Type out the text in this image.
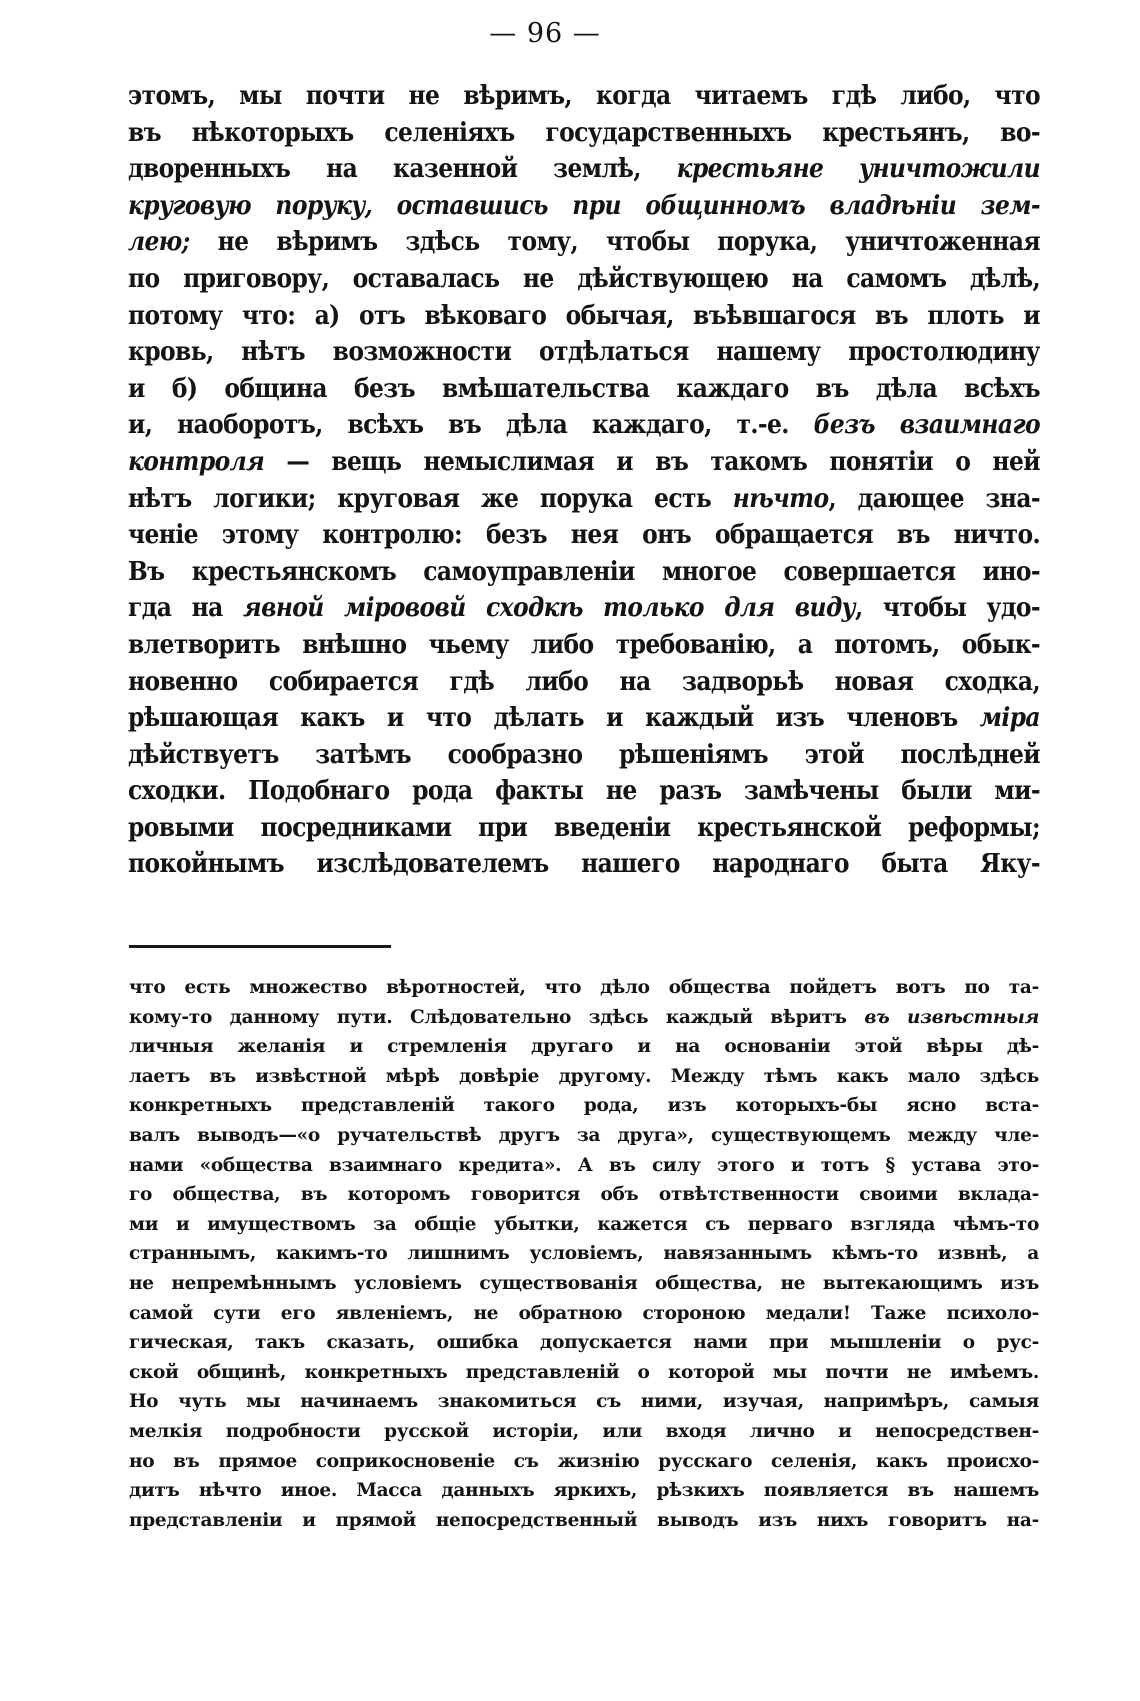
— 96 —
этомъ, мы почти не вѣримъ, когда читаемъ гдѣ либо, что
въ нѣкоторыхъ селеніяхъ государственныхъ крестьянъ, во-
дворенныхъ на казенной землѣ, крестьяне уничтожили
круговую поруку, оставшись при общинномъ владѣніи зем-
лею; не вѣримъ здѣсь тому, чтобы порука, уничтоженная
по приговору, оставалась не дѣйствующею на самомъ дѣлѣ,
потому что: а) отъ вѣковаго обычая, въѣвшагося въ плоть и
кровь, нѣтъ возможности отдѣлаться нашему простолюдину
и б) община безъ вмѣшательства каждаго въ дѣла всѣхъ
и, наоборотъ, всѣхъ въ дѣла каждаго, т.-е. безъ взаимнаго
контроля — вещь немыслимая и въ такомъ понятіи о ней
нѣтъ логики; круговая же порука есть нѣчто, дающее зна-
ченіе этому контролю: безъ нея онъ обращается въ ничто.
Въ крестьянскомъ самоуправленіи многое совершается ино-
гда на явной мірововй сходкѣ только для виду, чтобы удо-
влетворить внѣшно чьему либо требованію, а потомъ, обык-
новенно собирается гдѣ либо на задворьѣ новая сходка,
рѣшающая какъ и что дѣлать и каждый изъ членовъ міра
дѣйствуетъ затѣмъ сообразно рѣшеніямъ этой послѣдней
сходки. Подобнаго рода факты не разъ замѣчены были ми-
ровыми посредниками при введеніи крестьянской реформы;
покойнымъ изслѣдователемъ нашего народнаго быта Яку-
что есть множество вѣротностей, что дѣло общества пойдетъ вотъ по та-
кому-то данному пути. Слѣдовательно здѣсь каждый вѣритъ въ извѣстныя
личныя желанія и стремленія другаго и на основаніи этой вѣры дѣ-
лаетъ въ извѣстной мѣрѣ довѣріе другому. Между тѣмъ какъ мало здѣсь
конкретныхъ представленій такого рода, изъ которыхъ-бы ясно вста-
валъ выводъ—«о ручательствѣ другъ за друга», существующемъ между чле-
нами «общества взаимнаго кредита». А въ силу этого и тотъ § устава это-
го общества, въ которомъ говорится объ отвѣтственности своими вклада-
ми и имуществомъ за общіе убытки, кажется съ перваго взгляда чѣмъ-то
страннымъ, какимъ-то лишнимъ условіемъ, навязаннымъ кѣмъ-то извнѣ, а
не непремѣннымъ условіемъ существованія общества, не вытекающимъ изъ
самой сути его явленіемъ, не обратною стороною медали! Таже психоло-
гическая, такъ сказать, ошибка допускается нами при мышленіи о рус-
ской общинѣ, конкретныхъ представленій о которой мы почти не имѣемъ.
Но чуть мы начинаемъ знакомиться съ ними, изучая, напримѣръ, самыя
мелкія подробности русской исторіи, или входя лично и непосредствен-
но въ прямое соприкосновеніе съ жизнію русскаго селенія, какъ происхо-
дитъ нѣчто иное. Масса данныхъ яркихъ, рѣзкихъ появляется въ нашемъ
представленіи и прямой непосредственный выводъ изъ нихъ говоритъ на-
